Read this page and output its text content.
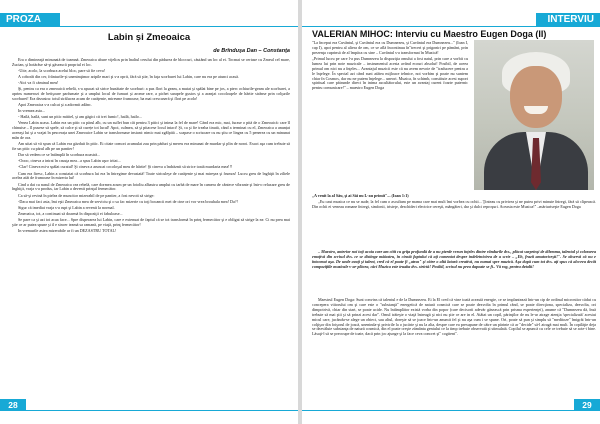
PROZA
Labin și Zmeoaica
de Brînduşa Dan – Constanţa

Era o dimineaţă minunată de toamnă. Zmeoaica abure vijelios prin înaltul cerului din pădurea de bloccuri, căutând un loc al ei. Tocmai se certase cu Zmeul cel mare, Zucian, şi hotărâse să-şi găsească propriul ei loc.

-Uite, acolo, la scorbura acelui bloc, pare să fie cevaǃ

A coborât din cer, frânturile-şi unenimţimor aripile mari şi s-a oprit, fără să ştie, în faţa scorburei lui Labin, care nu era pe atunci acasă.

-Aici va fi căminul meu!

Şi, pentru ca era o zmeoaică rebelă, s-a apucat să strice bunătate de scorburi: a pus flori la geam, a mutat şi spălat bine pe jos, a pterc ochiurile-geam ale scorburei, a aprins numerozi de betişoare parfumate şi a umplut locul de fumuri şi arome rare, a pichet sarapele gustos şi a aranjat cocoloaşele de hârtie strânse prin colţurile scorburei! Era dezastru: totul strălucea acum de curăţenie, miresme frumoase, ba mai crescuseră şi flori pe acolo!

Apoi Zmeoaica s-a culcat şi a adormit adânc.

In vremea asta...

- Hailă, hailă, sunt un pitic mititel, şi am găgici cit trei fumicǃ, hailă, hailo...

Venea Labin acasa. Labin era un pitic cu părul alb, cu un suflet bun cât pentru 3 pitici şi inima la fel de mare! Când era mic, mai, furase o pită de o Zmeoaică: care îl chinuise – îl pusese să spele, să calce şi să curețe tot lucul! Apoi, culmea, să şi pitacese locul intact! Şi, ca şi fie treaba tinută, când a terminat cu el, Zmeoaica a anunțat aceeaşi lui şi a vrajat în pescerața unei Zmeoaice Labin se transformase instant: nimic mai zgâlpită – scapase o scrisoare cu nu ştiu ce lingea cu 5 penerea cu un minunat mân de ora.

Am uitat să vă spun că Labin era găzduit în pitic. Ei citate comori acumulat zau prin păduri şi mereu era minunat de murdar şi plin de noroi. Exact aşa cum trebuie să fie un pitic cu părul alb pe un pantier!

Dar să vedem ce se întâmplă în scorbura noastră...

-Oooo, cineva a intrat în casuţa mea...a spus Labin uşor iritat...

-Clar! Cineva mi-a spălat curatul! Şi cineva a aruncat cocoloşul meu de hârtie! Şi cineva a îndrăznit să strice toată murdaria mea!!!

Cum era firesc, Labin a constatat că scorbura lui era în întregime devastată! Toate striculeşe de curăţenie şi mai mireşea şi frumos! Lucru greu de înghiţit în ziliele acelea atât de frumoase în mizeria lui!

Cind a dat cu nasul de Zmeoaica cea rebelă, care dormea acum pe un fotoliu albastru umplut cu tarbă de mare în camera de cântece vibrante şi într-o relaxare greu de înghiţit, vraja s-a produs, iar Labin a devenit prinţul fermecător.

Ca să-şi revină în pielea de muncitor mizerabil de pe pantier, a fost nevoit să strige:

-Daca mai faci asta, îmi eşti Zmeoaica mea de serviciu şi o sa fac mizerie cu toţi bocancii mei de cine ori vor vrea brouhala mea! Da?!

Sigur că imediat vraja s-a rupt şi Labin a revenit la normal.

Zmeoaica, tot, a continuat să doarmă în dispoziţii ei fabuloase...

Se pare ca şi azi tot acaa face... Spre disperarea lui Labin, care e extenuat de faptul că se tot transformă în prinţ fermecător şi e obligat să strige la ea: Ci nu prea mai ştie ce ar putea spune şi il e sincer teamă sa ramană, pe viaţă, prinţ fermecător!

In vremurile astea mizerabile ar fi un DEZASTRU TOTAL!

28
INTERVIU
VALERIAN MIHOC: Interviu cu Maestro Eugen Doga (II)

"La început era Cuvântul, şi Cuvântul era cu Dumnezeu, şi Cuvântul era Dumnezeu..." (Ioan I, cap I), apoi pentru al aliera de om, ce se află încontinuu în"treceri şi prigoniri pe pământ, prin prezenţa cuprinsă de al împăca cu sine – Cuvântul s-a transformat în Muzică!

„Primul lucru pe care l-a pus Dumnezeu la dispoziţia omului a fost natul, prin care a vorbit cu lumea lui prin note muzicale – instrumentul acesta având ecouri absolut! Posibil, de aceea primul om nici nu a înţeles... Avantajul muzicii este că nu avem nevoie de "traducere pentru a le înţelege. În special azi când sunt atâtea mijloace tehnice, noi vorbim şi poate nu suntem chiar în Cosmos, dar nu ne putem înţelege... uneori. Muzica, în schimb, constituie acest suport spiritual care pătrunde direct în inima ascultătorului, este un avantaj curent foarte puternic pentru comunicare!" – maestro Eugen Doga

„A venit la al Său, şi ai Săi nu L-au primit"... (Ioan 1:1)

„Eu caut muzica ce nu se aude, la fel cum o ascultam pe mama care mai mult îmi vorbea cu ochii... Ţinteau cu privirea şi ne putea privi minute întregi, fără să clipească. Din ochii ei veneau romane întregi, simfonii, tristeţe, deschideri electrice cereşti, mângâieri, dar şi dulci reproşuri. Aceasta este Muzica!" –mărturiseşte Eugen Doga

– Maestro, anterior noi toţi acoia care am citit cu griţa profundă de a nu pierde vreun înţeles dintre rândurile dvs., plăcut surprinşi de dilemma, talentul şi colorarea emoţivă din scrisul dvs. ce se distinge măiastru, în cinstă faptului că aţi comentat despre indeletnicirea de a scrie – „Eh, frazii amatoriceşti!". Se observă că nu e întocmai aşa. De unde avaţi şi talent, cred că el poate fi „atras" şi către o altă latură creativă, nu numai spre muzică. Aşa după cum tot dvs. aţi spus că alcceea decât compoziţiile muzicale v-ar-plăcea, căci Muzica este truaba dvs. strictă! Posibil, scrisul nu prea dapoate se fi.. Vă rog, pentru detalii!

Maestrul Eugen Doga: Sunt convins că talentul e de la Dumnezeu. Ei la El cred că vine toată această energie, ce se implantează într-un cip de ordinul microniior cădut cu concepera viitorului om şi care este o "substanţă" energetică de natură cosmică care se poate dezvolta în primul rând, se poate direcţiona, specializa, dezvolta, ori dimpotrivă, chiar din start, se poate ucide. Nu întâmplător există vorba din popor (care decisorii adevăr găsească prin prisma experienţei), anume că "Dumnezeu dă, însă trebuie să mai ştii şi să prinzi acest dar". Omul trăieşte o viaţă întreagă şi nici nu ştie ce are in el. Atâtat un copil, părinţilor de nu le-ar atrage atenţia 'specializată' acestui micul care, jucându-se alege un obiect, sau altul, doreşte să se joace într-un anumit fel şi nu aşa cum i se spune. Ori, poate să pun şi simplu să "meditoze" îmigrât într-un colţişor din foişorul de joacă, uneninda-şi privirile la o jucărie şi nu la alta, despre care ea presupune de către un părinte că ar "decide" să-l atragă mai mult. În copilăţie deja se dezvăluie substanţa de natură cosmică, din el poate creşte zământa geniului ce la timp trebuie observată şi stimulată. Copilul se apuncă cu cele ce trebuie să se acte-i bine. Lăsaţi-l să se preocupe de toate, dacă prin joc ajunge şi la face ceva concret şi" cogitent".

29
